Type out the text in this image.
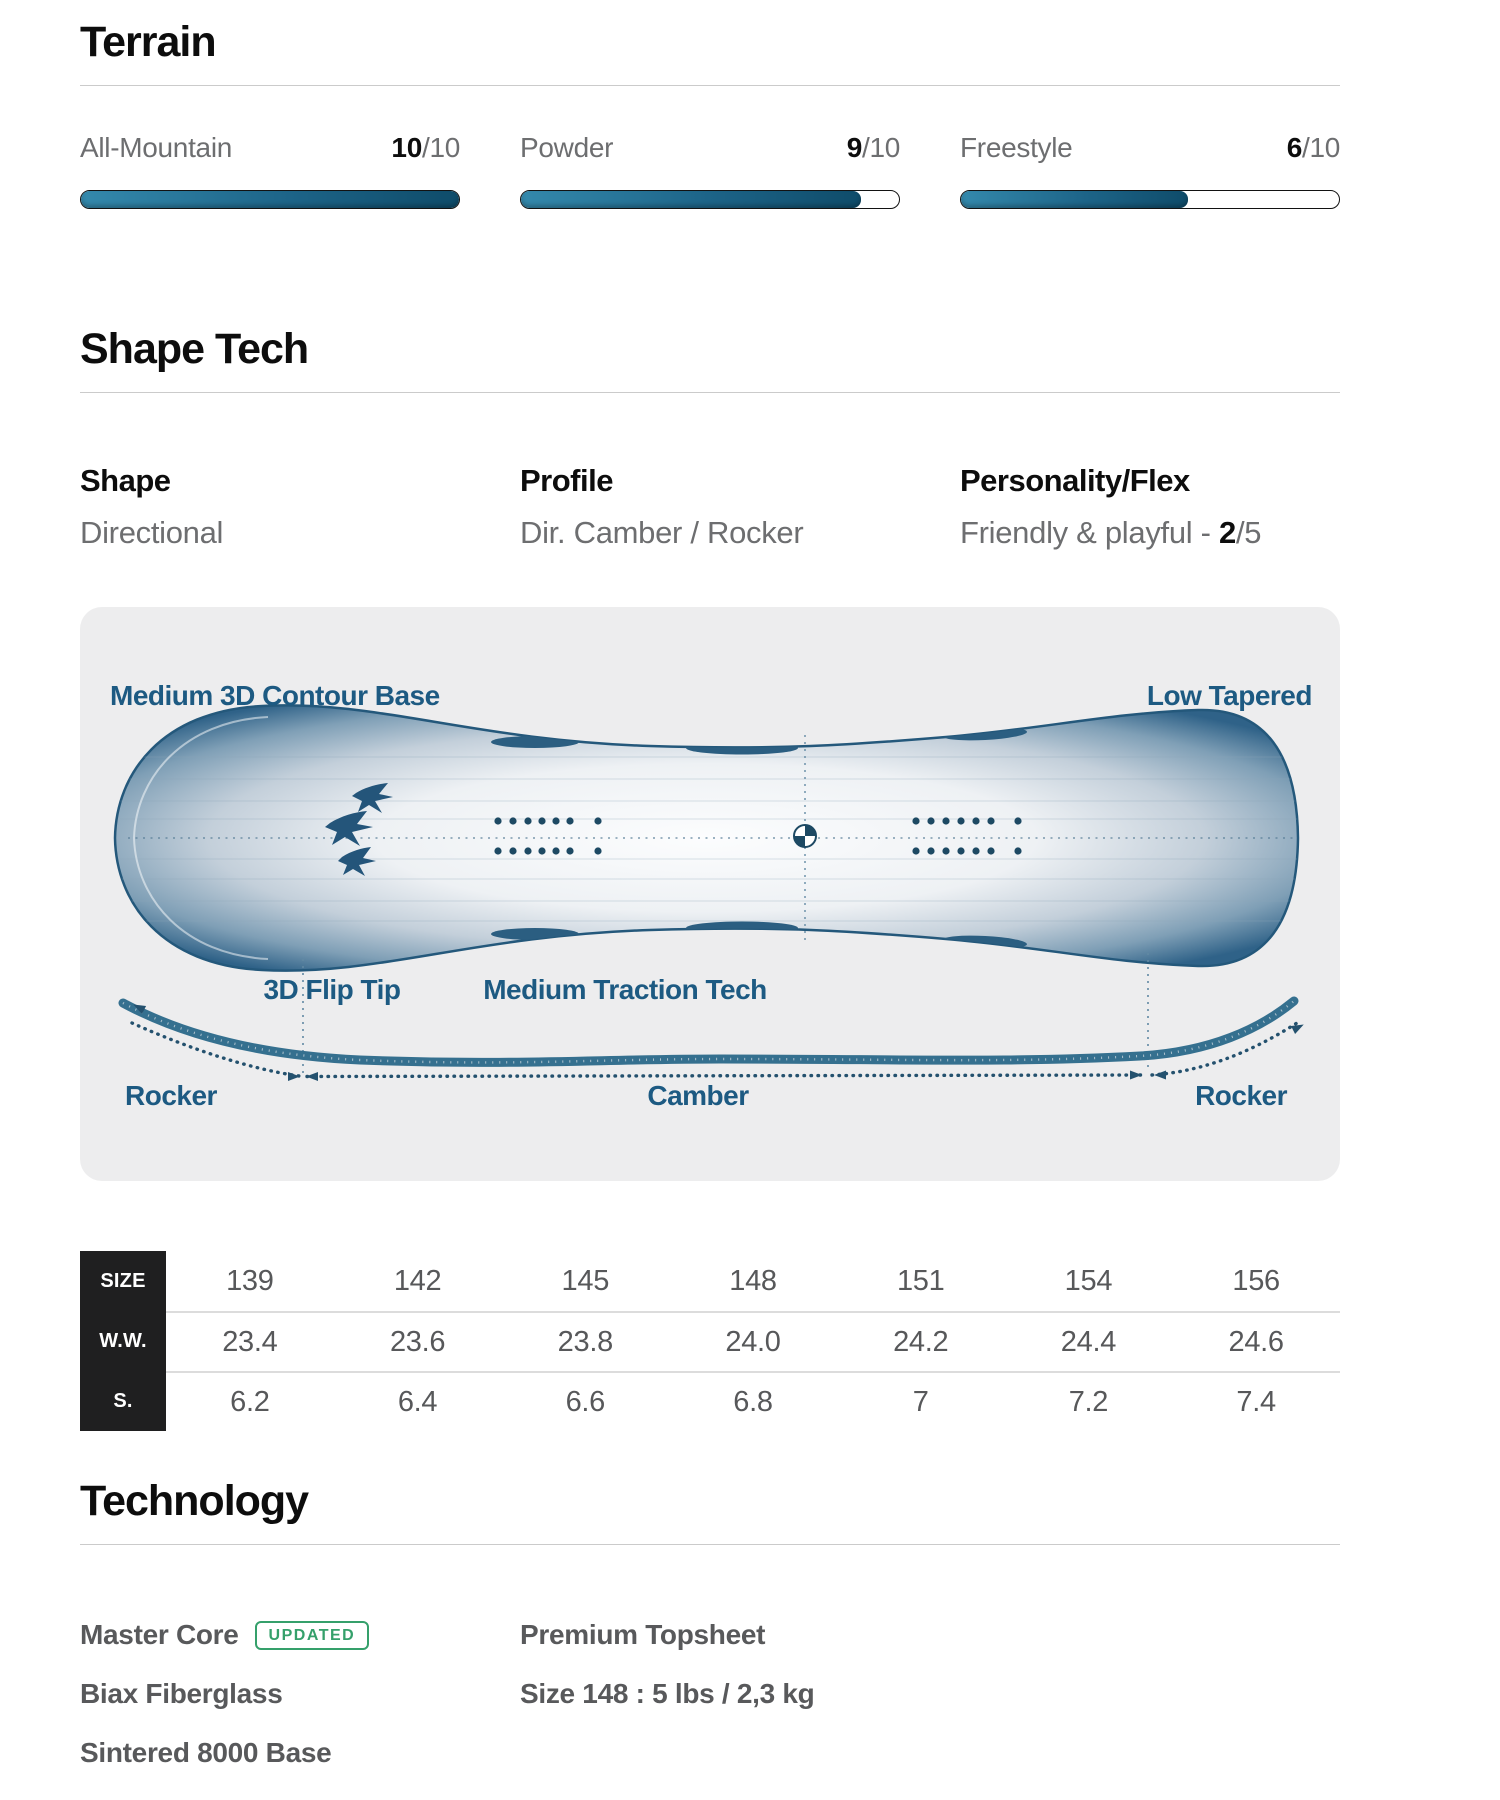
Terrain
All-Mountain	10/10 Powder	9/10 Freestyle	6/10
Shape Tech
Shape
Directional
Profile
Dir. Camber / Rocker
Personality/Flex
Friendly & playful - 2/5
Medium 3D Contour Base	Low Tapered
3D Flip Tip	Medium Traction Tech
Rocker	Camber	Rocker
SIZE	139	142	145	148	151	154	156
W.W.	23.4	23.6	23.8	24.0	24.2	24.4	24.6
S.	6.2	6.4	6.6	6.8	7	7.2	7.4
Technology
Master Core	UPDATED
Biax Fiberglass
Sintered 8000 Base
Premium Topsheet
Size 148 : 5 lbs / 2,3 kg
